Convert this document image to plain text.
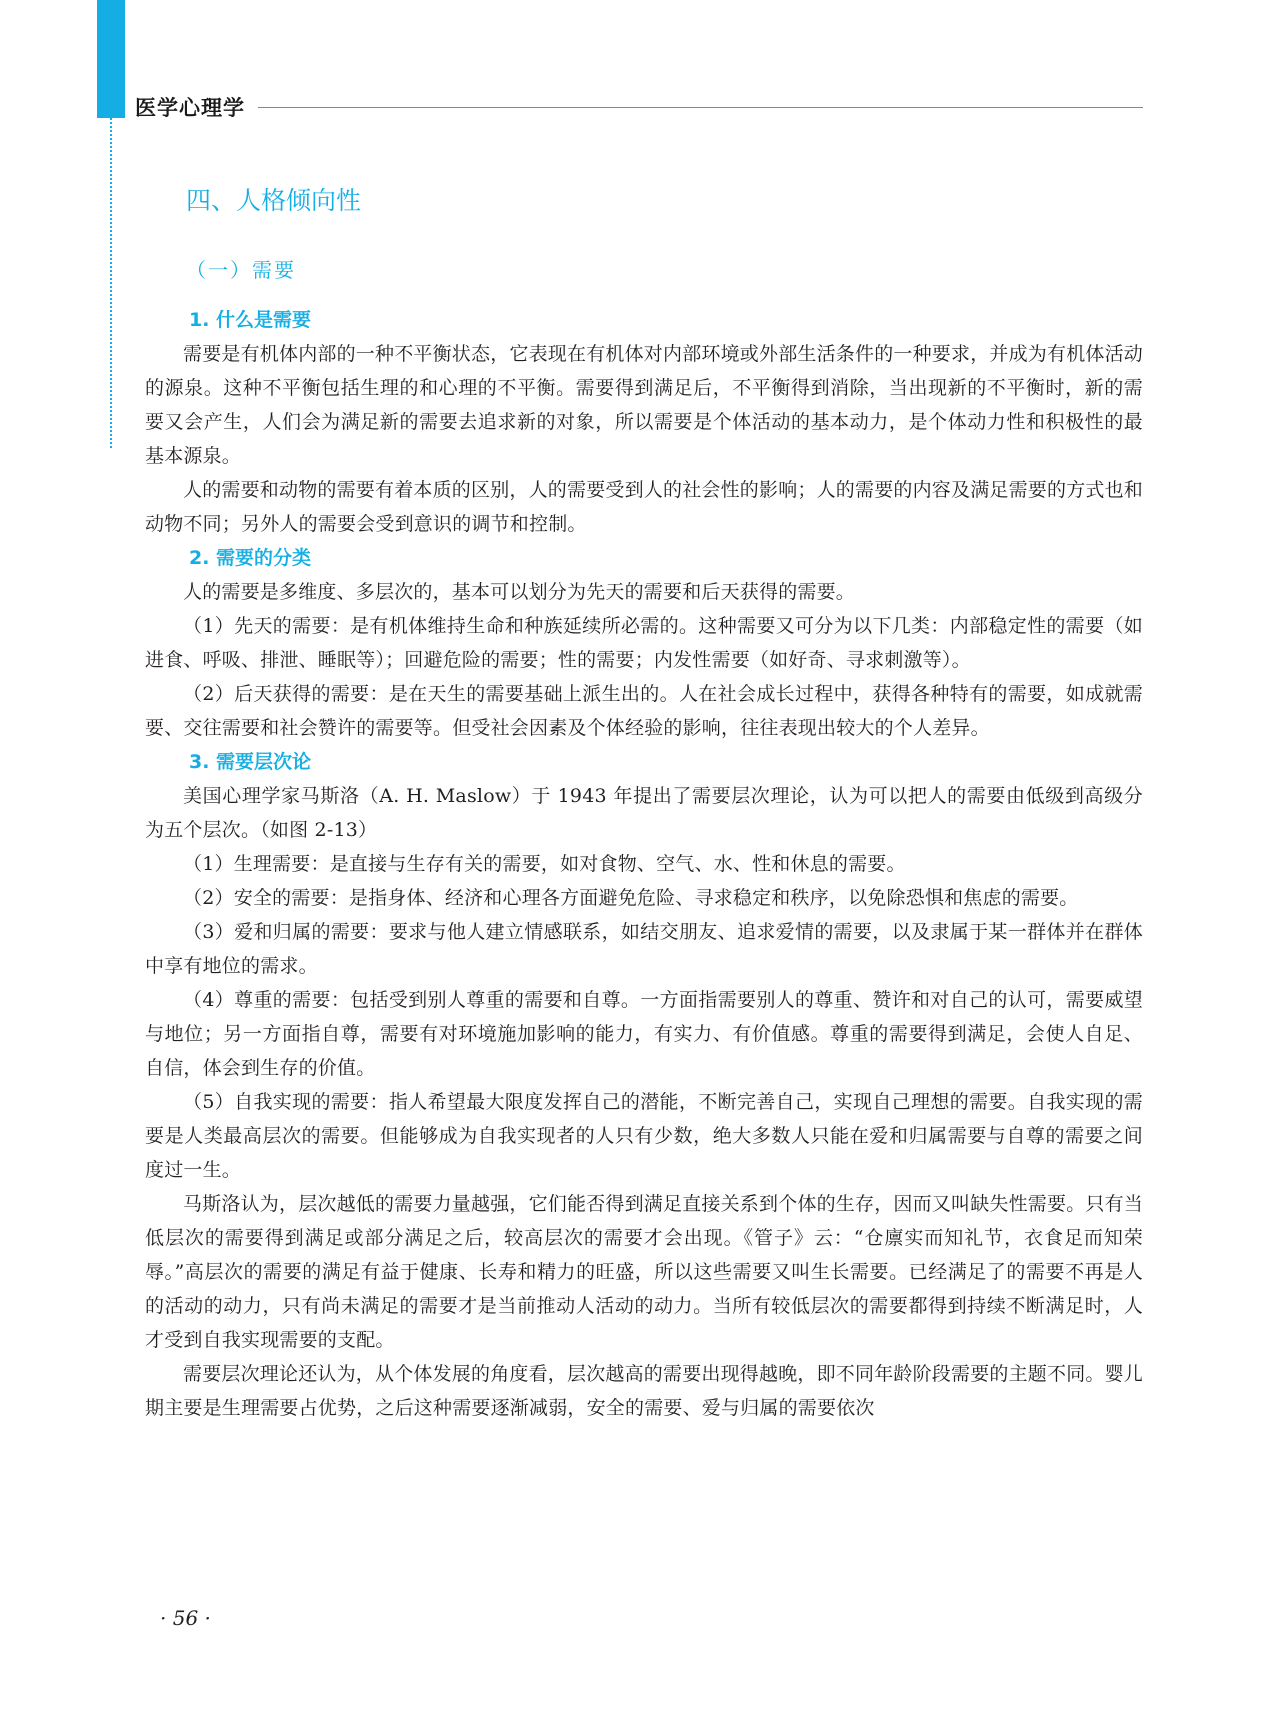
医学心理学
四、人格倾向性
（一）需要

1. 什么是需要

需要是有机体内部的一种不平衡状态，它表现在有机体对内部环境或外部生活条件的一种要求，并成为有机体活动的源泉。这种不平衡包括生理的和心理的不平衡。需要得到满足后，不平衡得到消除，当出现新的不平衡时，新的需要又会产生，人们会为满足新的需要去追求新的对象，所以需要是个体活动的基本动力，是个体动力性和积极性的最基本源泉。

人的需要和动物的需要有着本质的区别，人的需要受到人的社会性的影响；人的需要的内容及满足需要的方式也和动物不同；另外人的需要会受到意识的调节和控制。

2. 需要的分类

人的需要是多维度、多层次的，基本可以划分为先天的需要和后天获得的需要。

（1）先天的需要：是有机体维持生命和种族延续所必需的。这种需要又可分为以下几类：内部稳定性的需要（如进食、呼吸、排泄、睡眠等）；回避危险的需要；性的需要；内发性需要（如好奇、寻求刺激等）。

（2）后天获得的需要：是在天生的需要基础上派生出的。人在社会成长过程中，获得各种特有的需要，如成就需要、交往需要和社会赞许的需要等。但受社会因素及个体经验的影响，往往表现出较大的个人差异。

3. 需要层次论

美国心理学家马斯洛（A. H. Maslow）于 1943 年提出了需要层次理论，认为可以把人的需要由低级到高级分为五个层次。（如图 2-13）

（1）生理需要：是直接与生存有关的需要，如对食物、空气、水、性和休息的需要。

（2）安全的需要：是指身体、经济和心理各方面避免危险、寻求稳定和秩序，以免除恐惧和焦虑的需要。

（3）爱和归属的需要：要求与他人建立情感联系，如结交朋友、追求爱情的需要，以及隶属于某一群体并在群体中享有地位的需求。

（4）尊重的需要：包括受到别人尊重的需要和自尊。一方面指需要别人的尊重、赞许和对自己的认可，需要威望与地位；另一方面指自尊，需要有对环境施加影响的能力，有实力、有价值感。尊重的需要得到满足，会使人自足、自信，体会到生存的价值。

（5）自我实现的需要：指人希望最大限度发挥自己的潜能，不断完善自己，实现自己理想的需要。自我实现的需要是人类最高层次的需要。但能够成为自我实现者的人只有少数，绝大多数人只能在爱和归属需要与自尊的需要之间度过一生。

马斯洛认为，层次越低的需要力量越强，它们能否得到满足直接关系到个体的生存，因而又叫缺失性需要。只有当低层次的需要得到满足或部分满足之后，较高层次的需要才会出现。《管子》云：“仓廪实而知礼节，衣食足而知荣辱。”高层次的需要的满足有益于健康、长寿和精力的旺盛，所以这些需要又叫生长需要。已经满足了的需要不再是人的活动的动力，只有尚未满足的需要才是当前推动人活动的动力。当所有较低层次的需要都得到持续不断满足时，人才受到自我实现需要的支配。

需要层次理论还认为，从个体发展的角度看，层次越高的需要出现得越晚，即不同年龄阶段需要的主题不同。婴儿期主要是生理需要占优势，之后这种需要逐渐减弱，安全的需要、爱与归属的需要依次

· 56 ·
